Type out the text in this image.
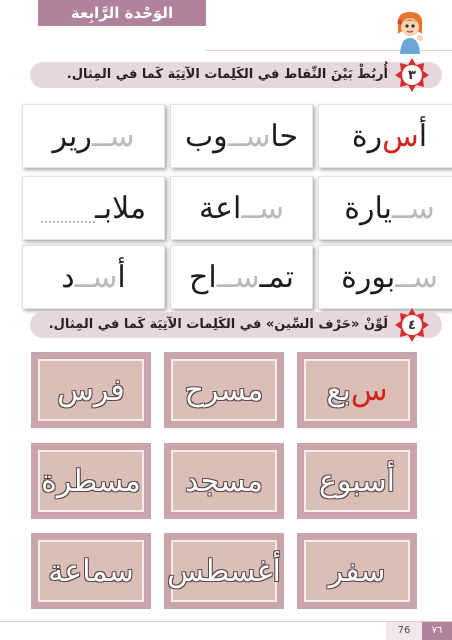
الوَحْدة الرَّابِعة
٣
أُربُطْ بَيْنَ النِّقاط في الكَلِمات الآتِيَة كَما في المِثال.
أ
س
رة
حا
ســ
وب
ســ
رير
ســ
يارة
ســ
اعة
ملابـ
ســ
بورة
تمـ
ســ
اح
أ
ســ
د
٤
لَوِّنْ «حَرْف السِّين» في الكَلِمات الآتِيَة كَما في المِثال.
س
بع
مسرح
فرس
أسبوع
مسجد
مسطرة
سفر
أغسطس
سماعة
76	٧٦
